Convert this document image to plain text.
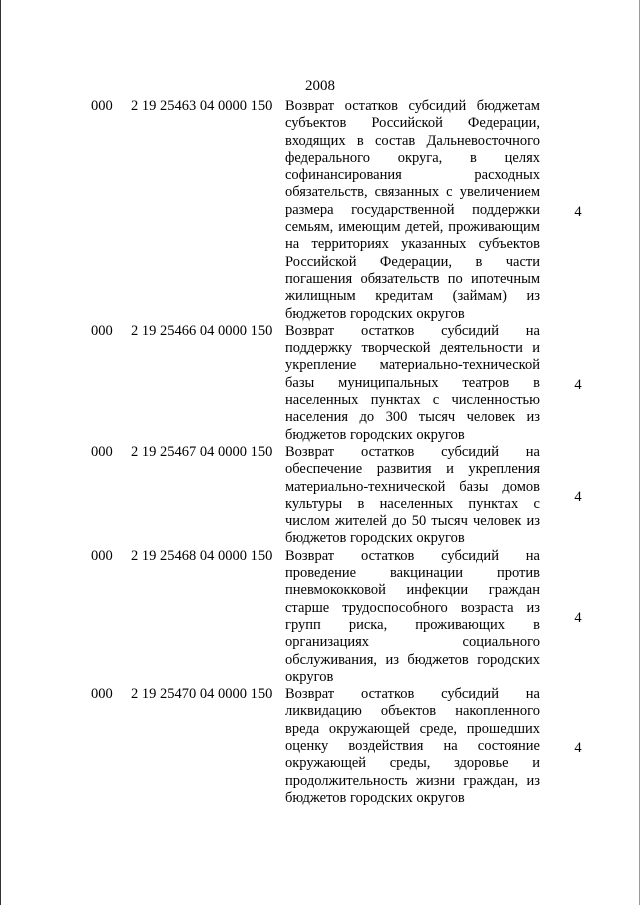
2008
000 2 19 25463 04 0000 150 Возврат остатков субсидий бюджетам
субъектов Российской Федерации,
входящих в состав Дальневосточного
федерального округа, в целях
софинансирования расходных
обязательств, связанных с увеличением
размера государственной поддержки
семьям, имеющим детей, проживающим
на территориях указанных субъектов
Российской Федерации, в части
погашения обязательств по ипотечным
жилищным кредитам (займам) из
бюджетов городских округов
4
000 2 19 25466 04 0000 150 Возврат остатков субсидий на
поддержку творческой деятельности и
укрепление материально-технической
базы муниципальных театров в
населенных пунктах с численностью
населения до 300 тысяч человек из
бюджетов городских округов
4
000 2 19 25467 04 0000 150 Возврат остатков субсидий на
обеспечение развития и укрепления
материально-технической базы домов
культуры в населенных пунктах с
числом жителей до 50 тысяч человек из
бюджетов городских округов
4
000 2 19 25468 04 0000 150 Возврат остатков субсидий на
проведение вакцинации против
пневмококковой инфекции граждан
старше трудоспособного возраста из
групп риска, проживающих в
организациях социального
обслуживания, из бюджетов городских
округов
4
000 2 19 25470 04 0000 150 Возврат остатков субсидий на
ликвидацию объектов накопленного
вреда окружающей среде, прошедших
оценку воздействия на состояние
окружающей среды, здоровье и
продолжительность жизни граждан, из
бюджетов городских округов
4
